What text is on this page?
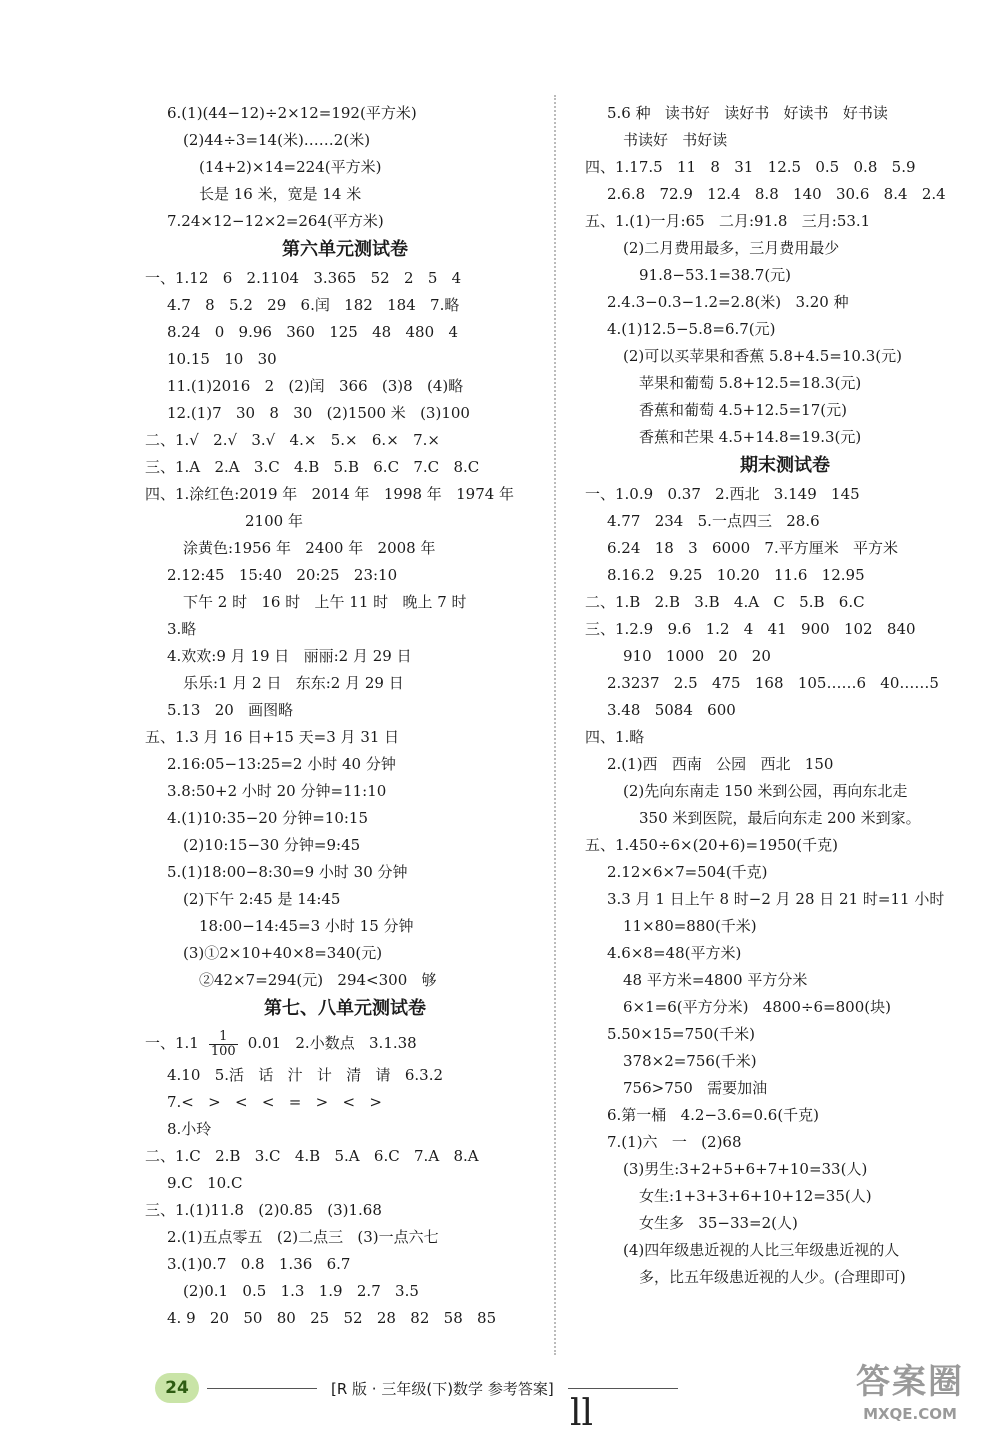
6.(1)(44−12)÷2×12=192(平方米)
(2)44÷3=14(米)……2(米)
(14+2)×14=224(平方米)
长是 16 米，宽是 14 米
7.24×12−12×2=264(平方米)
第六单元测试卷
一、1.12   6   2.1104   3.365   52   2   5   4
4.7   8   5.2   29   6.闰   182   184   7.略
8.24   0   9.96   360   125   48   480   4
10.15   10   30
11.(1)2016   2   (2)闰   366   (3)8   (4)略
12.(1)7   30   8   30   (2)1500 米   (3)100
二、1.√   2.√   3.√   4.×   5.×   6.×   7.×
三、1.A   2.A   3.C   4.B   5.B   6.C   7.C   8.C
四、1.涂红色:2019 年   2014 年   1998 年   1974 年
2100 年
涂黄色:1956 年   2400 年   2008 年
2.12:45   15:40   20:25   23:10
下午 2 时   16 时   上午 11 时   晚上 7 时
3.略
4.欢欢:9 月 19 日   丽丽:2 月 29 日
乐乐:1 月 2 日   东东:2 月 29 日
5.13   20   画图略
五、1.3 月 16 日+15 天=3 月 31 日
2.16:05−13:25=2 小时 40 分钟
3.8:50+2 小时 20 分钟=11:10
4.(1)10:35−20 分钟=10:15
(2)10:15−30 分钟=9:45
5.(1)18:00−8:30=9 小时 30 分钟
(2)下午 2:45 是 14:45
18:00−14:45=3 小时 15 分钟
(3)①2×10+40×8=340(元)
②42×7=294(元)   294<300   够
第七、八单元测试卷
一、$1.1 \frac{1}{100} 0.01$   2.小数点   3.1.38
4.10   5.活   话   汁   计   清   请   6.3.2
7.<   >   <   <   =   >   <   >
8.小玲
二、1.C   2.B   3.C   4.B   5.A   6.C   7.A   8.A
9.C   10.C
三、1.(1)11.8   (2)0.85   (3)1.68
2.(1)五点零五   (2)二点三   (3)一点六七
3.(1)0.7   0.8   1.36   6.7
(2)0.1   0.5   1.3   1.9   2.7   3.5
4. 9   20   50   80   25   52   28   82   58   85
5.6 种   读书好   读好书   好读书   好书读
书读好   书好读
四、1.17.5   11   8   31   12.5   0.5   0.8   5.9
2.6.8   72.9   12.4   8.8   140   30.6   8.4   2.4
五、1.(1)一月:65   二月:91.8   三月:53.1
(2)二月费用最多，三月费用最少
91.8−53.1=38.7(元)
2.4.3−0.3−1.2=2.8(米)   3.20 种
4.(1)12.5−5.8=6.7(元)
(2)可以买苹果和香蕉 5.8+4.5=10.3(元)
苹果和葡萄 5.8+12.5=18.3(元)
香蕉和葡萄 4.5+12.5=17(元)
香蕉和芒果 4.5+14.8=19.3(元)
期末测试卷
一、1.0.9   0.37   2.西北   3.149   145
4.77   234   5.一点四三   28.6
6.24   18   3   6000   7.平方厘米   平方米
8.16.2   9.25   10.20   11.6   12.95
二、1.B   2.B   3.B   4.A   C   5.B   6.C
三、1.2.9   9.6   1.2   4   41   900   102   840
910   1000   20   20
2.3237   2.5   475   168   105……6   40……5
3.48   5084   600
四、1.略
2.(1)西   西南   公园   西北   150
(2)先向东南走 150 米到公园，再向东北走
350 米到医院，最后向东走 200 米到家。
五、1.450÷6×(20+6)=1950(千克)
2.12×6×7=504(千克)
3.3 月 1 日上午 8 时−2 月 28 日 21 时=11 小时
11×80=880(千米)
4.6×8=48(平方米)
48 平方米=4800 平方分米
6×1=6(平方分米)   4800÷6=800(块)
5.50×15=750(千米)
378×2=756(千米)
756>750   需要加油
6.第一桶   4.2−3.6=0.6(千克)
7.(1)六   一   (2)68
(3)男生:3+2+5+6+7+10=33(人)
女生:1+3+3+6+10+12=35(人)
女生多   35−33=2(人)
(4)四年级患近视的人比三年级患近视的人
多，比五年级患近视的人少。(合理即可)
24	[R 版 · 三年级(下)数学 参考答案]
ll
答案圈
MXQE.COM
